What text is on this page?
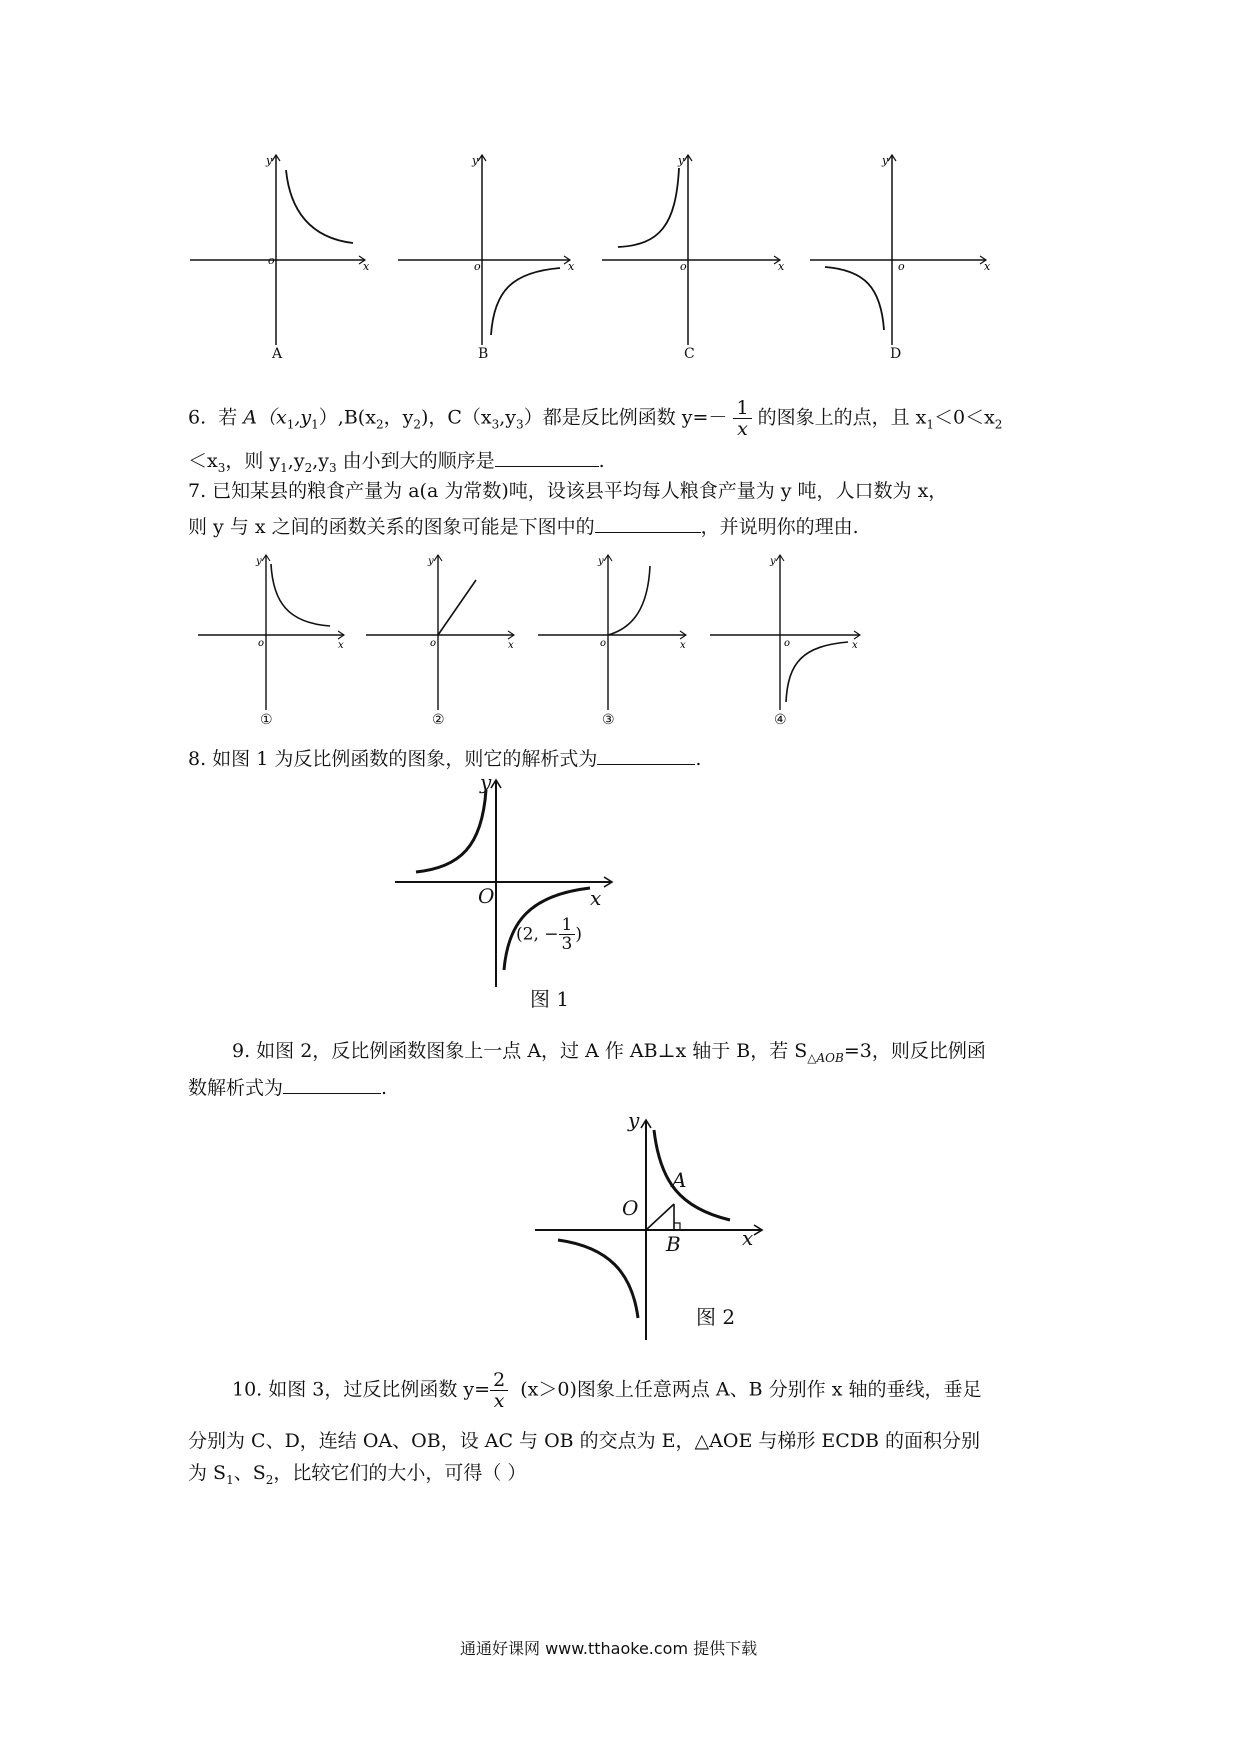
o	x
y
o	x
y
o	x
y
o	x
y
A	B	C	D
6. 若 $A(x_1,y_1),B(x_2$，$y_2$)，$C(x_3,y_3)$都是反比例函数 $y=- \frac{1}{x}$ 的图象上的点，且 $x_1<0<x_2$
$<x_3$，则 $y_1,y_2,y_3$ 由小到大的顺序是	.
7. 已知某县的粮食产量为 a(a 为常数)吨，设该县平均每人粮食产量为 y 吨，人口数为 x，
则 y 与 x 之间的函数关系的图象可能是下图中的	，并说明你的理由.
o	x
y
o	x
y
o	x
y
o	x
y
①	②	③	④
8. 如图 1 为反比例函数的图象，则它的解析式为	.
y
x
O
(2, − $\frac{1}{3}$ )
图 1
9. 如图 2，反比例函数图象上一点 A，过 A 作 AB⊥x 轴于 B，若 $S_{\triangle AOB}=3$，则反比例函
数解析式为	.
y
x
O
A
B
图 2
10. 如图 3，过反比例函数 $y= \frac{2}{x} (x>0)$图象上任意两点 A、B 分别作 x 轴的垂线，垂足
分别为 C、D，连结 OA、OB，设 AC 与 OB 的交点为 E，△AOE 与梯形 ECDB 的面积分别
为 $S_1$、$S_2$，比较它们的大小，可得（ ）
通通好课网 www.tthaoke.com 提供下载
